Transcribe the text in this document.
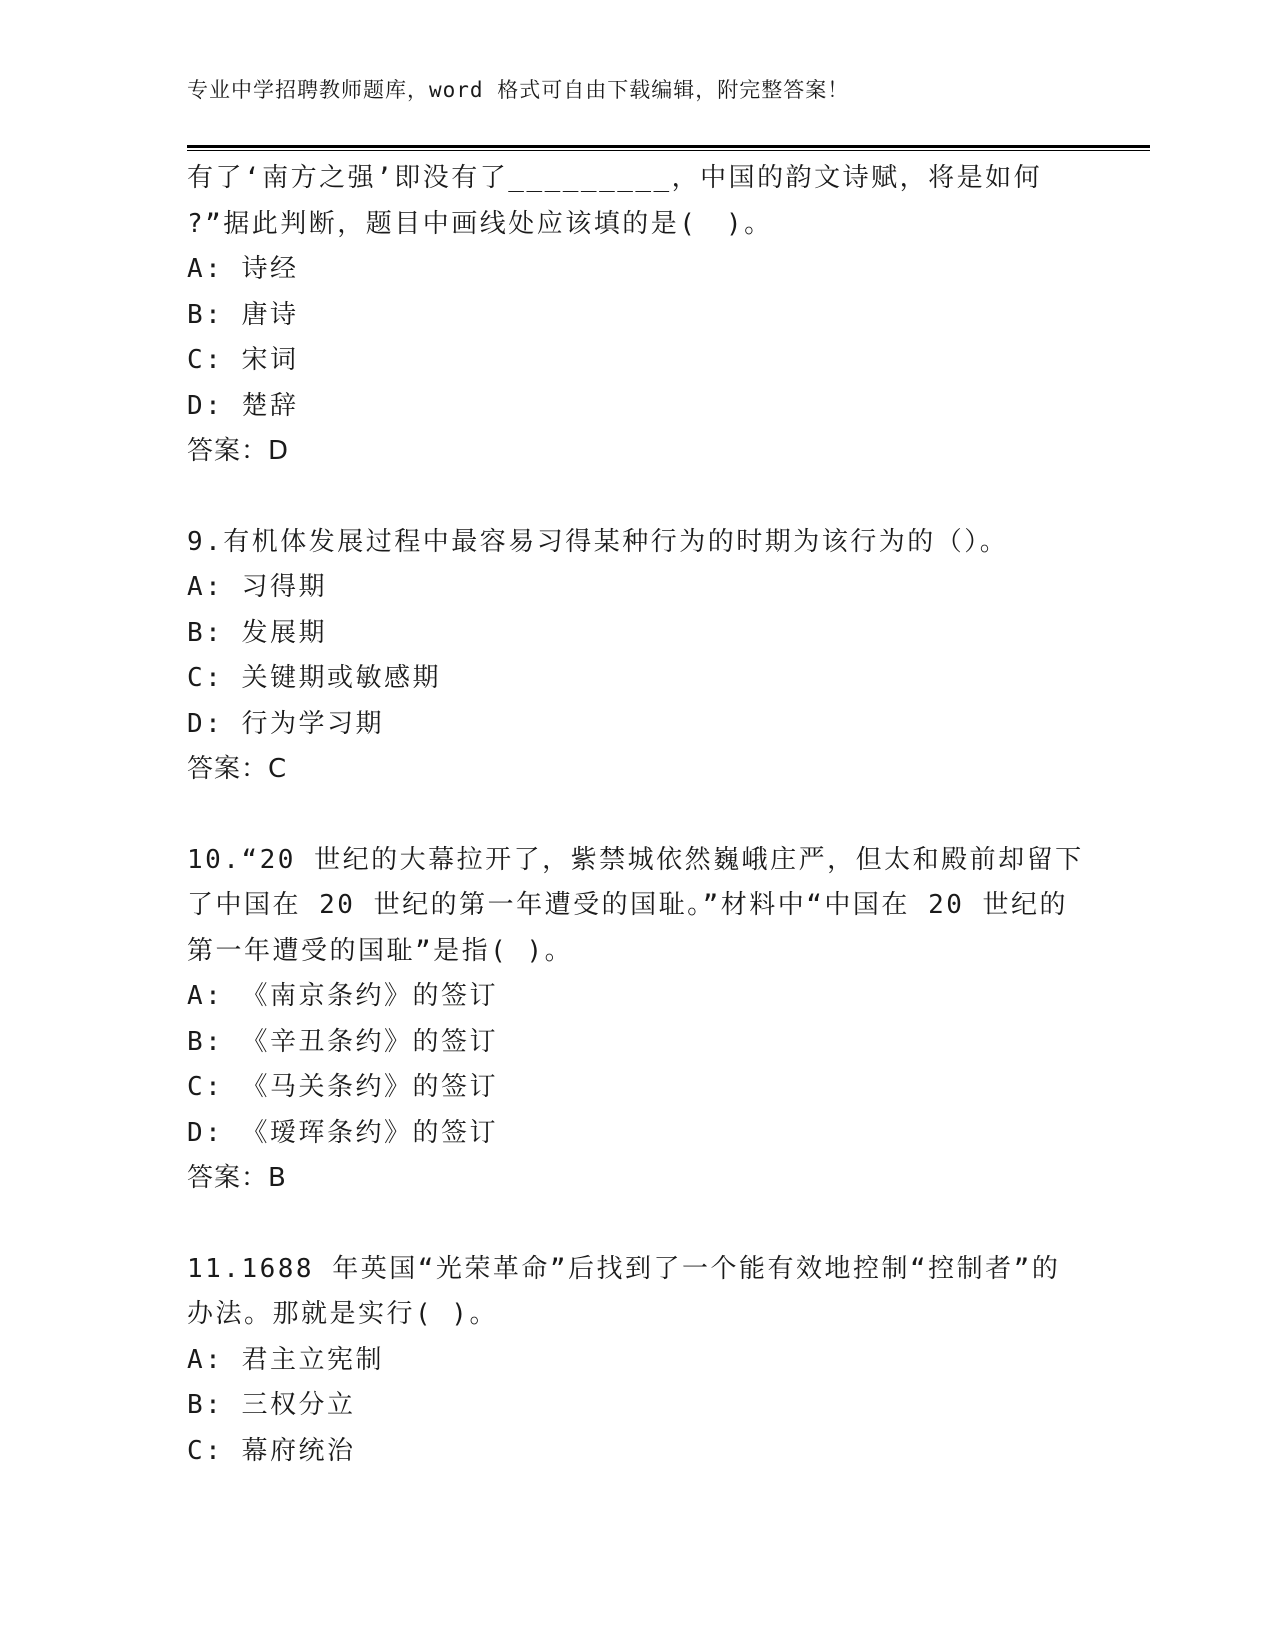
专业中学招聘教师题库，word 格式可自由下载编辑，附完整答案！
有了‘南方之强’即没有了_________，中国的韵文诗赋，将是如何
?”据此判断，题目中画线处应该填的是(　)。
A: 诗经
B: 唐诗
C: 宋词
D: 楚辞
答案：D
9.有机体发展过程中最容易习得某种行为的时期为该行为的（）。
A: 习得期
B: 发展期
C: 关键期或敏感期
D: 行为学习期
答案：C
10.“20 世纪的大幕拉开了，紫禁城依然巍峨庄严，但太和殿前却留下
了中国在 20 世纪的第一年遭受的国耻。”材料中“中国在 20 世纪的
第一年遭受的国耻”是指( )。
A: 《南京条约》的签订
B: 《辛丑条约》的签订
C: 《马关条约》的签订
D: 《瑷珲条约》的签订
答案：B
11.1688 年英国“光荣革命”后找到了一个能有效地控制“控制者”的
办法。那就是实行( )。
A: 君主立宪制
B: 三权分立
C: 幕府统治
